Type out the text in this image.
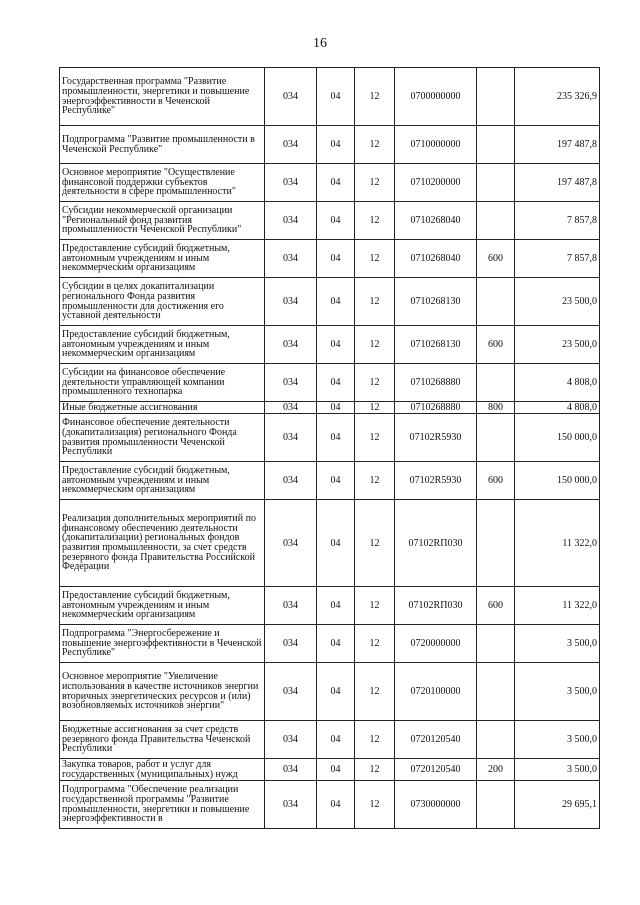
16
Государственная программа "Развитие промышленности, энергетики и повышение энергоэффективности в Чеченской Республике"	034	04	12	0700000000		235 326,9
Подпрограмма "Развитие промышленности в Чеченской Республике"	034	04	12	0710000000		197 487,8
Основное мероприятие "Осуществление финансовой поддержки субъектов деятельности в сфере промышленности"	034	04	12	0710200000		197 487,8
Субсидии некоммерческой организации "Региональный фонд развития промышленности Чеченской Республики"	034	04	12	0710268040		7 857,8
Предоставление субсидий бюджетным, автономным учреждениям и иным некоммерческим организациям	034	04	12	0710268040	600	7 857,8
Субсидии в целях докапитализации регионального Фонда развития промышленности для достижения его уставной деятельности	034	04	12	0710268130		23 500,0
Предоставление субсидий бюджетным, автономным учреждениям и иным некоммерческим организациям	034	04	12	0710268130	600	23 500,0
Субсидии на финансовое обеспечение деятельности управляющей компании промышленного технопарка	034	04	12	0710268880		4 808,0
Иные бюджетные ассигнования	034	04	12	0710268880	800	4 808,0
Финансовое обеспечение деятельности (докапитализация) регионального Фонда развития промышленности Чеченской Республики	034	04	12	07102R5930		150 000,0
Предоставление субсидий бюджетным, автономным учреждениям и иным некоммерческим организациям	034	04	12	07102R5930	600	150 000,0
Реализация дополнительных мероприятий по финансовому обеспечению деятельности (докапитализации) региональных фондов развития промышленности, за счет средств резервного фонда Правительства Российской Федерации	034	04	12	07102RП030		11 322,0
Предоставление субсидий бюджетным, автономным учреждениям и иным некоммерческим организациям	034	04	12	07102RП030	600	11 322,0
Подпрограмма "Энергосбережение и повышение энергоэффективности в Чеченской Республике"	034	04	12	0720000000		3 500,0
Основное мероприятие "Увеличение использования в качестве источников энергии вторичных энергетических ресурсов и (или) возобновляемых источников энергии"	034	04	12	0720100000		3 500,0
Бюджетные ассигнования за счет средств резервного фонда Правительства Чеченской Республики	034	04	12	0720120540		3 500,0
Закупка товаров, работ и услуг для государственных (муниципальных) нужд	034	04	12	0720120540	200	3 500,0
Подпрограмма "Обеспечение реализации государственной программы "Развитие промышленности, энергетики и повышение энергоэффективности в	034	04	12	0730000000		29 695,1
